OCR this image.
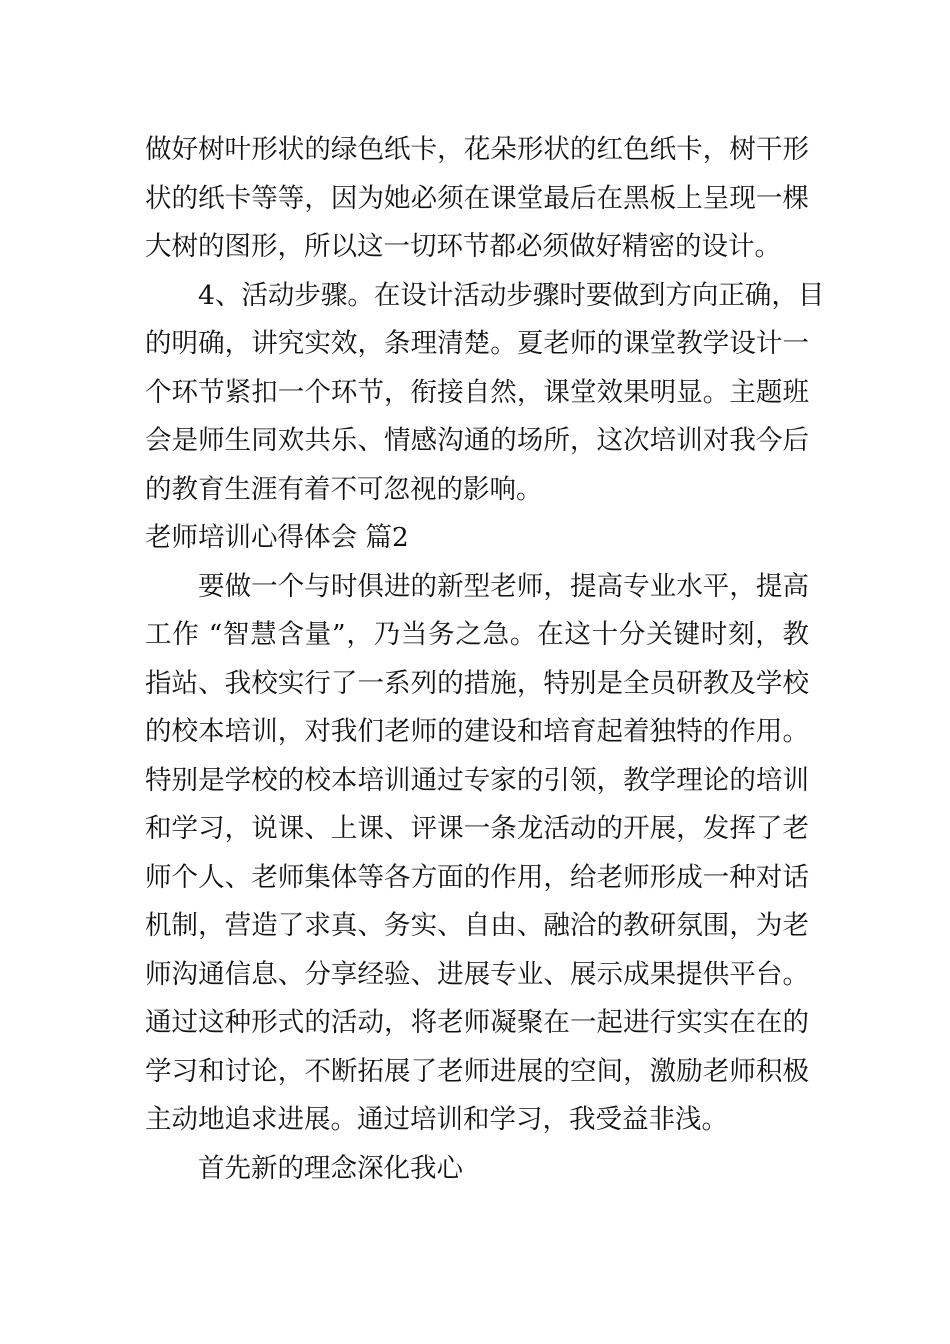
做好树叶形状的绿色纸卡，花朵形状的红色纸卡，树干形
状的纸卡等等，因为她必须在课堂最后在黑板上呈现一棵
大树的图形，所以这一切环节都必须做好精密的设计。
4、活动步骤。在设计活动步骤时要做到方向正确，目
的明确，讲究实效，条理清楚。夏老师的课堂教学设计一
个环节紧扣一个环节，衔接自然，课堂效果明显。主题班
会是师生同欢共乐、情感沟通的场所，这次培训对我今后
的教育生涯有着不可忽视的影响。
老师培训心得体会 篇2
要做一个与时俱进的新型老师，提高专业水平，提高
工作 “智慧含量”，乃当务之急。在这十分关键时刻，教
指站、我校实行了一系列的措施，特别是全员研教及学校
的校本培训，对我们老师的建设和培育起着独特的作用。
特别是学校的校本培训通过专家的引领，教学理论的培训
和学习，说课、上课、评课一条龙活动的开展，发挥了老
师个人、老师集体等各方面的作用，给老师形成一种对话
机制，营造了求真、务实、自由、融洽的教研氛围，为老
师沟通信息、分享经验、进展专业、展示成果提供平台。
通过这种形式的活动，将老师凝聚在一起进行实实在在的
学习和讨论，不断拓展了老师进展的空间，激励老师积极
主动地追求进展。通过培训和学习，我受益非浅。
首先新的理念深化我心
